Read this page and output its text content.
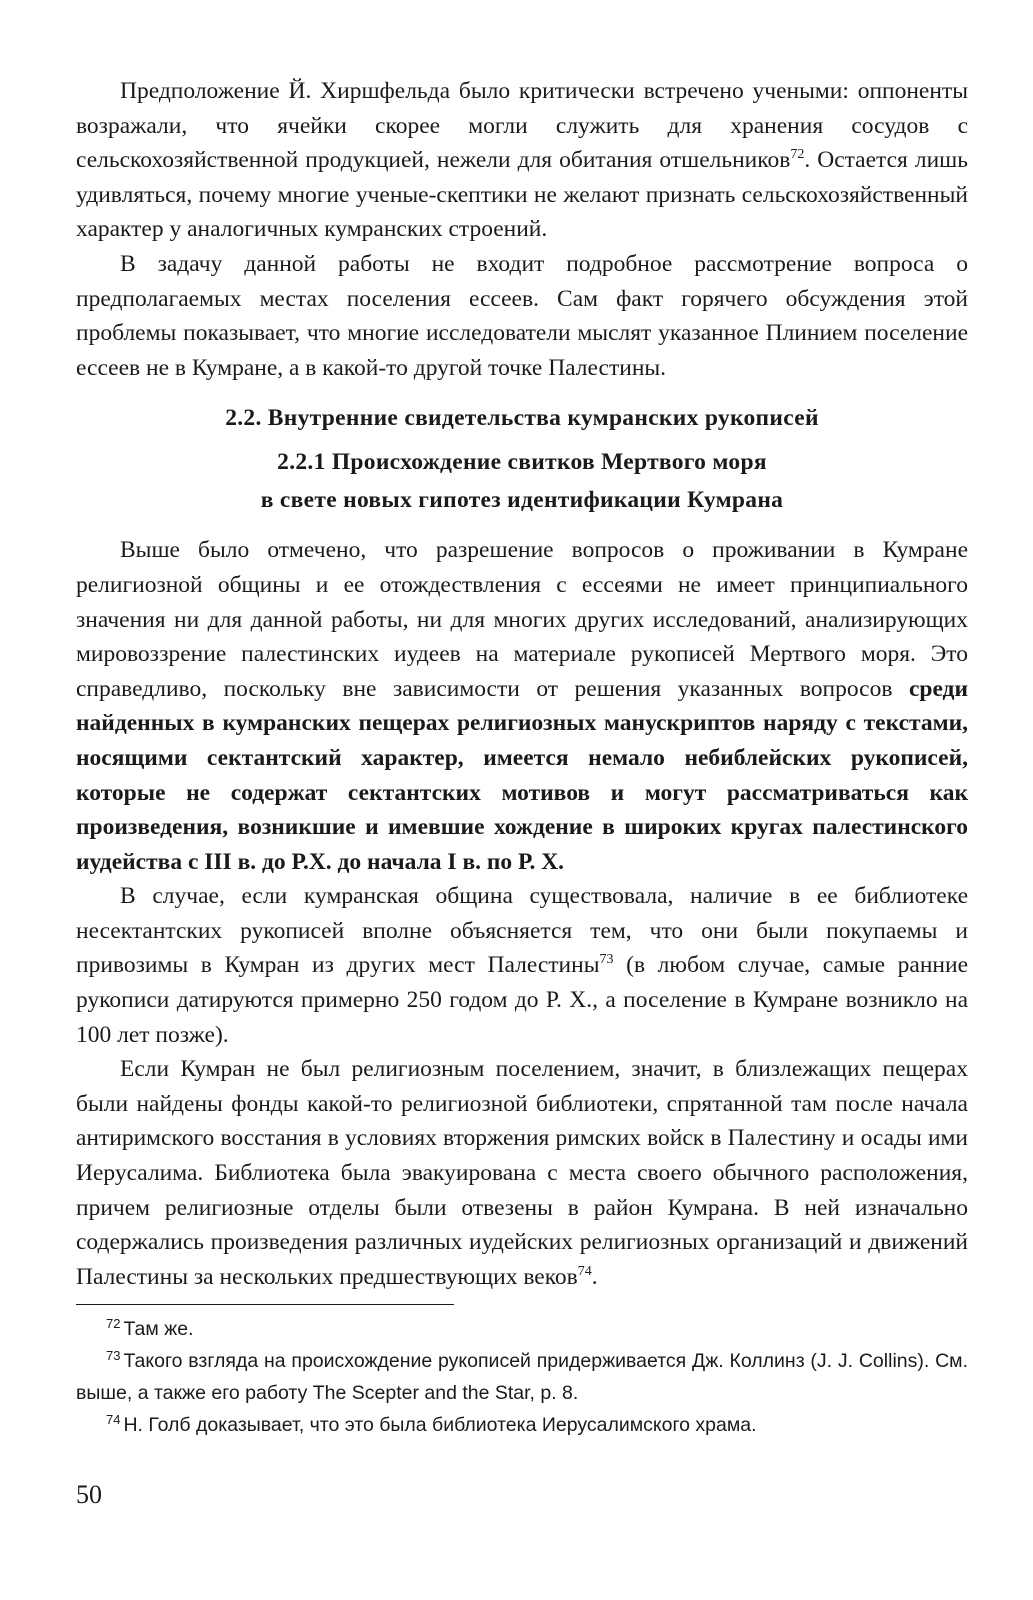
Предположение Й. Хиршфельда было критически встречено учеными: оппоненты возражали, что ячейки скорее могли служить для хранения сосудов с сельскохозяйственной продукцией, нежели для обитания отшельников$^{72}$. Остается лишь удивляться, почему многие ученые-скептики не желают признать сельскохозяйственный характер у аналогичных кумранских строений.

В задачу данной работы не входит подробное рассмотрение вопроса о предполагаемых местах поселения ессеев. Сам факт горячего обсуждения этой проблемы показывает, что многие исследователи мыслят указанное Плинием поселение ессеев не в Кумране, а в какой-то другой точке Палестины.

2.2. Внутренние свидетельства кумранских рукописей
2.2.1 Происхождение свитков Мертвого моря
в свете новых гипотез идентификации Кумрана

Выше было отмечено, что разрешение вопросов о проживании в Кумране религиозной общины и ее отождествления с ессеями не имеет принципиального значения ни для данной работы, ни для многих других исследований, анализирующих мировоззрение палестинских иудеев на материале рукописей Мертвого моря. Это справедливо, поскольку вне зависимости от решения указанных вопросов среди найденных в кумранских пещерах религиозных манускриптов наряду с текстами, носящими сектантский характер, имеется немало небиблейских рукописей, которые не содержат сектантских мотивов и могут рассматриваться как произведения, возникшие и имевшие хождение в широких кругах палестинского иудейства с III в. до Р.Х. до начала I в. по Р. Х.

В случае, если кумранская община существовала, наличие в ее библиотеке несектантских рукописей вполне объясняется тем, что они были покупаемы и привозимы в Кумран из других мест Палестины$^{73}$ (в любом случае, самые ранние рукописи датируются примерно 250 годом до Р. Х., а поселение в Кумране возникло на 100 лет позже).

Если Кумран не был религиозным поселением, значит, в близлежащих пещерах были найдены фонды какой-то религиозной библиотеки, спрятанной там после начала антиримского восстания в условиях вторжения римских войск в Палестину и осады ими Иерусалима. Библиотека была эвакуирована с места своего обычного расположения, причем религиозные отделы были отвезены в район Кумрана. В ней изначально содержались произведения различных иудейских религиозных организаций и движений Палестины за нескольких предшествующих веков$^{74}$.

$^{72}$ Там же.

$^{73}$ Такого взгляда на происхождение рукописей придерживается Дж. Коллинз (J. J. Collins). См. выше, а также его работу The Scepter and the Star, p. 8.

$^{74}$ Н. Голб доказывает, что это была библиотека Иерусалимского храма.

50
